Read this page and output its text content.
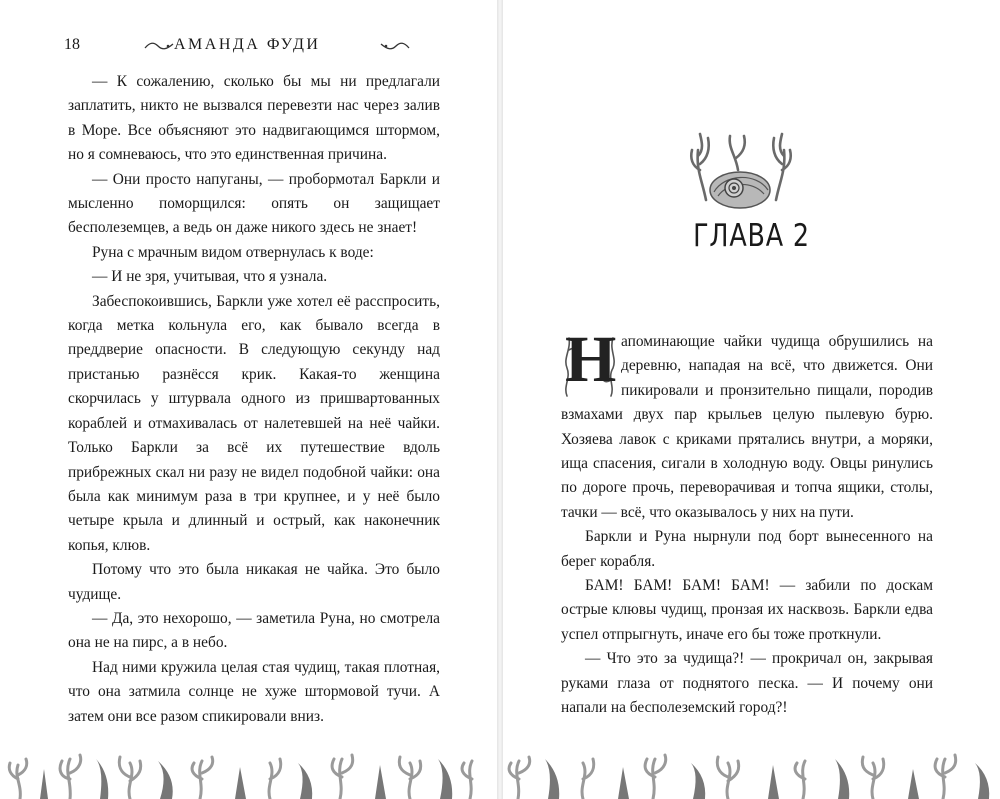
18	АМАНДА ФУДИ

— К сожалению, сколько бы мы ни предлагали заплатить, никто не вызвался перевезти нас через залив в Море. Все объясняют это надвигающимся штормом, но я сомневаюсь, что это единственная причина.

— Они просто напуганы, — пробормотал Баркли и мысленно поморщился: опять он защищает бесполеземцев, а ведь он даже никого здесь не знает!

Руна с мрачным видом отвернулась к воде:

— И не зря, учитывая, что я узнала.

Забеспокоившись, Баркли уже хотел её расспросить, когда метка кольнула его, как бывало всегда в преддверие опасности. В следующую секунду над пристанью разнёсся крик. Какая-то женщина скорчилась у штурвала одного из пришвартованных кораблей и отмахивалась от налетевшей на неё чайки. Только Баркли за всё их путешествие вдоль прибрежных скал ни разу не видел подобной чайки: она была как минимум раза в три крупнее, и у неё было четыре крыла и длинный и острый, как наконечник копья, клюв.

Потому что это была никакая не чайка. Это было чудище.

— Да, это нехорошо, — заметила Руна, но смотрела она не на пирс, а в небо.

Над ними кружила целая стая чудищ, такая плотная, что она затмила солнце не хуже штормовой тучи. А затем они все разом спикировали вниз.

ГЛАВА 2

Н апоминающие чайки чудища обрушились на деревню, нападая на всё, что движется. Они пикировали и пронзительно пищали, породив взмахами двух пар крыльев целую пылевую бурю. Хозяева лавок с криками прятались внутри, а моряки, ища спасения, сигали в холодную воду. Овцы ринулись по дороге прочь, переворачивая и топча ящики, столы, тачки — всё, что оказывалось у них на пути.

Баркли и Руна нырнули под борт вынесенного на берег корабля.

БАМ! БАМ! БАМ! БАМ! — забили по доскам острые клювы чудищ, пронзая их насквозь. Баркли едва успел отпрыгнуть, иначе его бы тоже проткнули.

— Что это за чудища?! — прокричал он, закрывая руками глаза от поднятого песка. — И почему они напали на бесполеземский город?!
